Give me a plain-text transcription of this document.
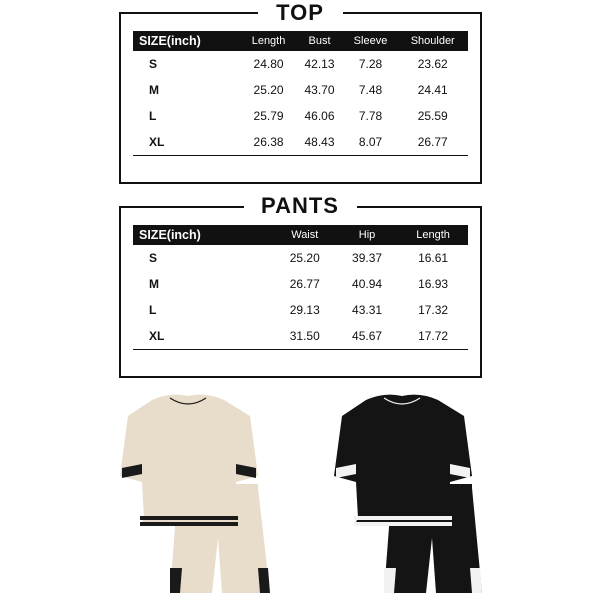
TOP
SIZE(inch)	Length	Bust	Sleeve	Shoulder
S	24.80	42.13	7.28	23.62
M	25.20	43.70	7.48	24.41
L	25.79	46.06	7.78	25.59
XL	26.38	48.43	8.07	26.77
PANTS
SIZE(inch)	Waist	Hip	Length
S	25.20	39.37	16.61
M	26.77	40.94	16.93
L	29.13	43.31	17.32
XL	31.50	45.67	17.72
